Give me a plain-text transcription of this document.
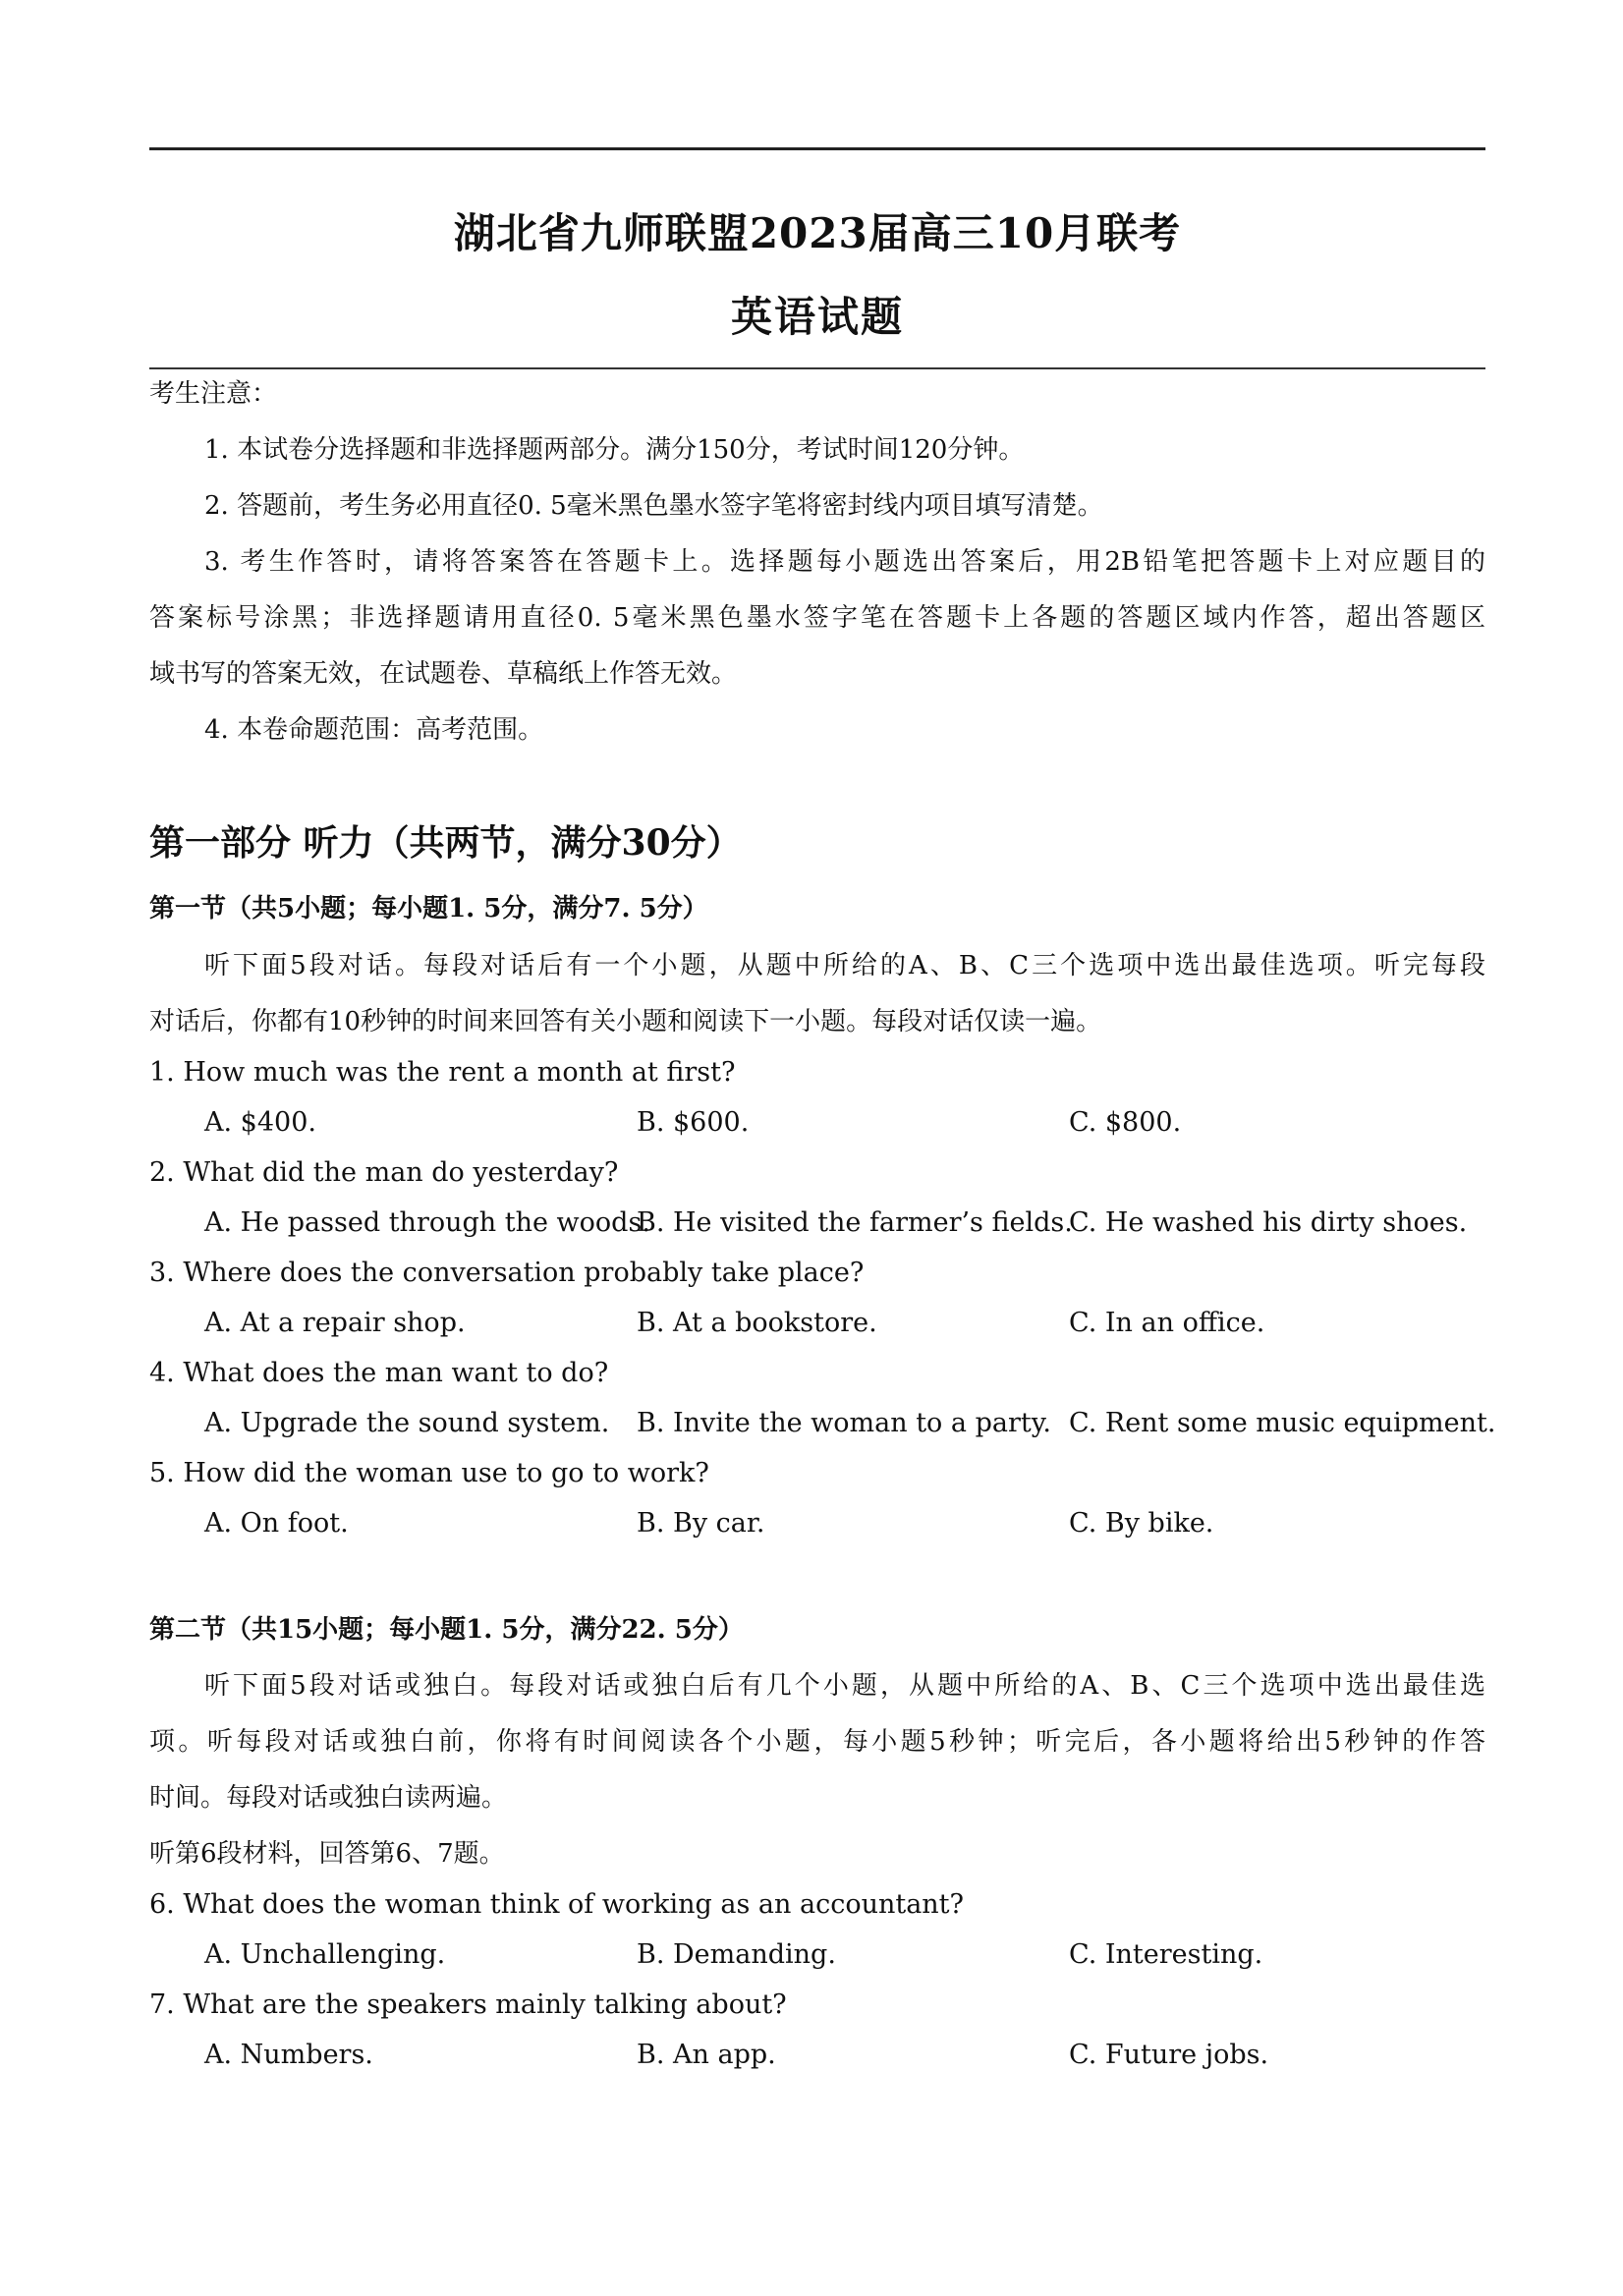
湖北省九师联盟2023届高三10月联考
英语试题
考生注意：
1. 本试卷分选择题和非选择题两部分。满分150分，考试时间120分钟。
2. 答题前，考生务必用直径0. 5毫米黑色墨水签字笔将密封线内项目填写清楚。
3. 考生作答时，请将答案答在答题卡上。选择题每小题选出答案后，用2B铅笔把答题卡上对应题目的
答案标号涂黑；非选择题请用直径0. 5毫米黑色墨水签字笔在答题卡上各题的答题区域内作答，超出答题区
域书写的答案无效，在试题卷、草稿纸上作答无效。
4. 本卷命题范围：高考范围。
第一部分 听力（共两节，满分30分）
第一节（共5小题；每小题1. 5分，满分7. 5分）
听下面5段对话。每段对话后有一个小题，从题中所给的A、B、C三个选项中选出最佳选项。听完每段
对话后，你都有10秒钟的时间来回答有关小题和阅读下一小题。每段对话仅读一遍。
1. How much was the rent a month at first?
A. $400.	B. $600.	C. $800.
2. What did the man do yesterday?
A. He passed through the woods.
B. He visited the farmer’s fields.
C. He washed his dirty shoes.
3. Where does the conversation probably take place?
A. At a repair shop.	B. At a bookstore.	C. In an office.
4. What does the man want to do?
A. Upgrade the sound system. B. Invite the woman to a party. C. Rent some music equipment.
5. How did the woman use to go to work?
A. On foot.	B. By car.	C. By bike.
第二节（共15小题；每小题1. 5分，满分22. 5分）
听下面5段对话或独白。每段对话或独白后有几个小题，从题中所给的A、B、C三个选项中选出最佳选
项。听每段对话或独白前，你将有时间阅读各个小题，每小题5秒钟；听完后，各小题将给出5秒钟的作答
时间。每段对话或独白读两遍。
听第6段材料，回答第6、7题。
6. What does the woman think of working as an accountant?
A. Unchallenging.	B. Demanding.	C. Interesting.
7. What are the speakers mainly talking about?
A. Numbers.	B. An app.	C. Future jobs.
